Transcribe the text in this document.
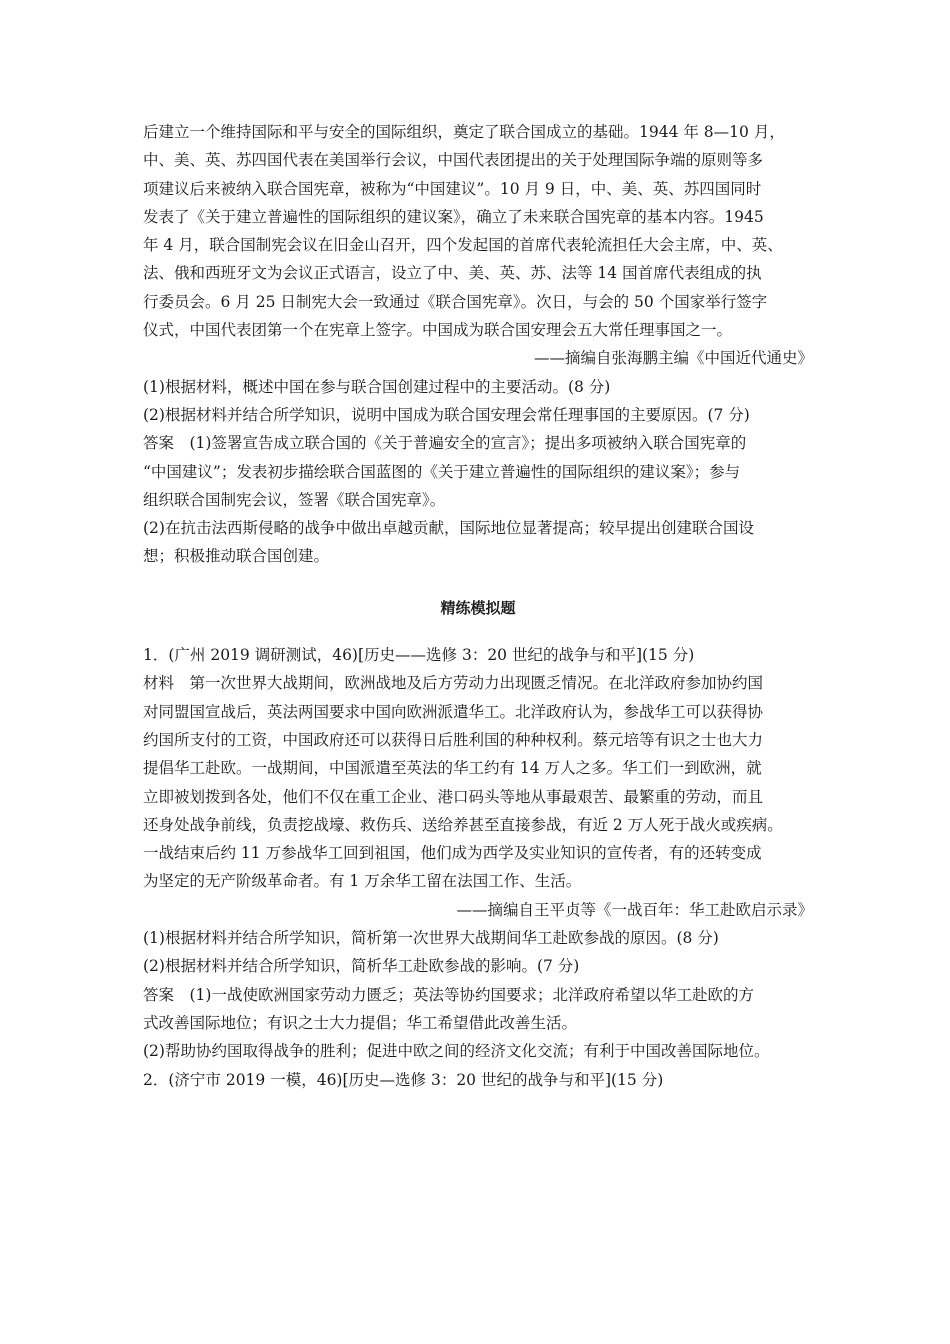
后建立一个维持国际和平与安全的国际组织，奠定了联合国成立的基础。1944 年 8—10 月，
中、美、英、苏四国代表在美国举行会议，中国代表团提出的关于处理国际争端的原则等多
项建议后来被纳入联合国宪章，被称为“中国建议”。10 月 9 日，中、美、英、苏四国同时
发表了《关于建立普遍性的国际组织的建议案》，确立了未来联合国宪章的基本内容。1945
年 4 月，联合国制宪会议在旧金山召开，四个发起国的首席代表轮流担任大会主席，中、英、
法、俄和西班牙文为会议正式语言，设立了中、美、英、苏、法等 14 国首席代表组成的执
行委员会。6 月 25 日制宪大会一致通过《联合国宪章》。次日，与会的 50 个国家举行签字
仪式，中国代表团第一个在宪章上签字。中国成为联合国安理会五大常任理事国之一。

——摘编自张海鹏主编《中国近代通史》

(1)根据材料，概述中国在参与联合国创建过程中的主要活动。(8 分)
(2)根据材料并结合所学知识，说明中国成为联合国安理会常任理事国的主要原因。(7 分)
答案　(1)签署宣告成立联合国的《关于普遍安全的宣言》；提出多项被纳入联合国宪章的
“中国建议”；发表初步描绘联合国蓝图的《关于建立普遍性的国际组织的建议案》；参与
组织联合国制宪会议，签署《联合国宪章》。
(2)在抗击法西斯侵略的战争中做出卓越贡献，国际地位显著提高；较早提出创建联合国设
想；积极推动联合国创建。
精练模拟题
1．(广州 2019 调研测试，46)[历史——选修 3：20 世纪的战争与和平](15 分)
材料　第一次世界大战期间，欧洲战地及后方劳动力出现匮乏情况。在北洋政府参加协约国
对同盟国宣战后，英法两国要求中国向欧洲派遣华工。北洋政府认为，参战华工可以获得协
约国所支付的工资，中国政府还可以获得日后胜利国的种种权利。蔡元培等有识之士也大力
提倡华工赴欧。一战期间，中国派遣至英法的华工约有 14 万人之多。华工们一到欧洲，就
立即被划拨到各处，他们不仅在重工企业、港口码头等地从事最艰苦、最繁重的劳动，而且
还身处战争前线，负责挖战壕、救伤兵、送给养甚至直接参战，有近 2 万人死于战火或疾病。
一战结束后约 11 万参战华工回到祖国，他们成为西学及实业知识的宣传者，有的还转变成
为坚定的无产阶级革命者。有 1 万余华工留在法国工作、生活。

——摘编自王平贞等《一战百年：华工赴欧启示录》

(1)根据材料并结合所学知识，简析第一次世界大战期间华工赴欧参战的原因。(8 分)
(2)根据材料并结合所学知识，简析华工赴欧参战的影响。(7 分)
答案　(1)一战使欧洲国家劳动力匮乏；英法等协约国要求；北洋政府希望以华工赴欧的方
式改善国际地位；有识之士大力提倡；华工希望借此改善生活。
(2)帮助协约国取得战争的胜利；促进中欧之间的经济文化交流；有利于中国改善国际地位。
2．(济宁市 2019 一模，46)[历史—选修 3：20 世纪的战争与和平](15 分)
